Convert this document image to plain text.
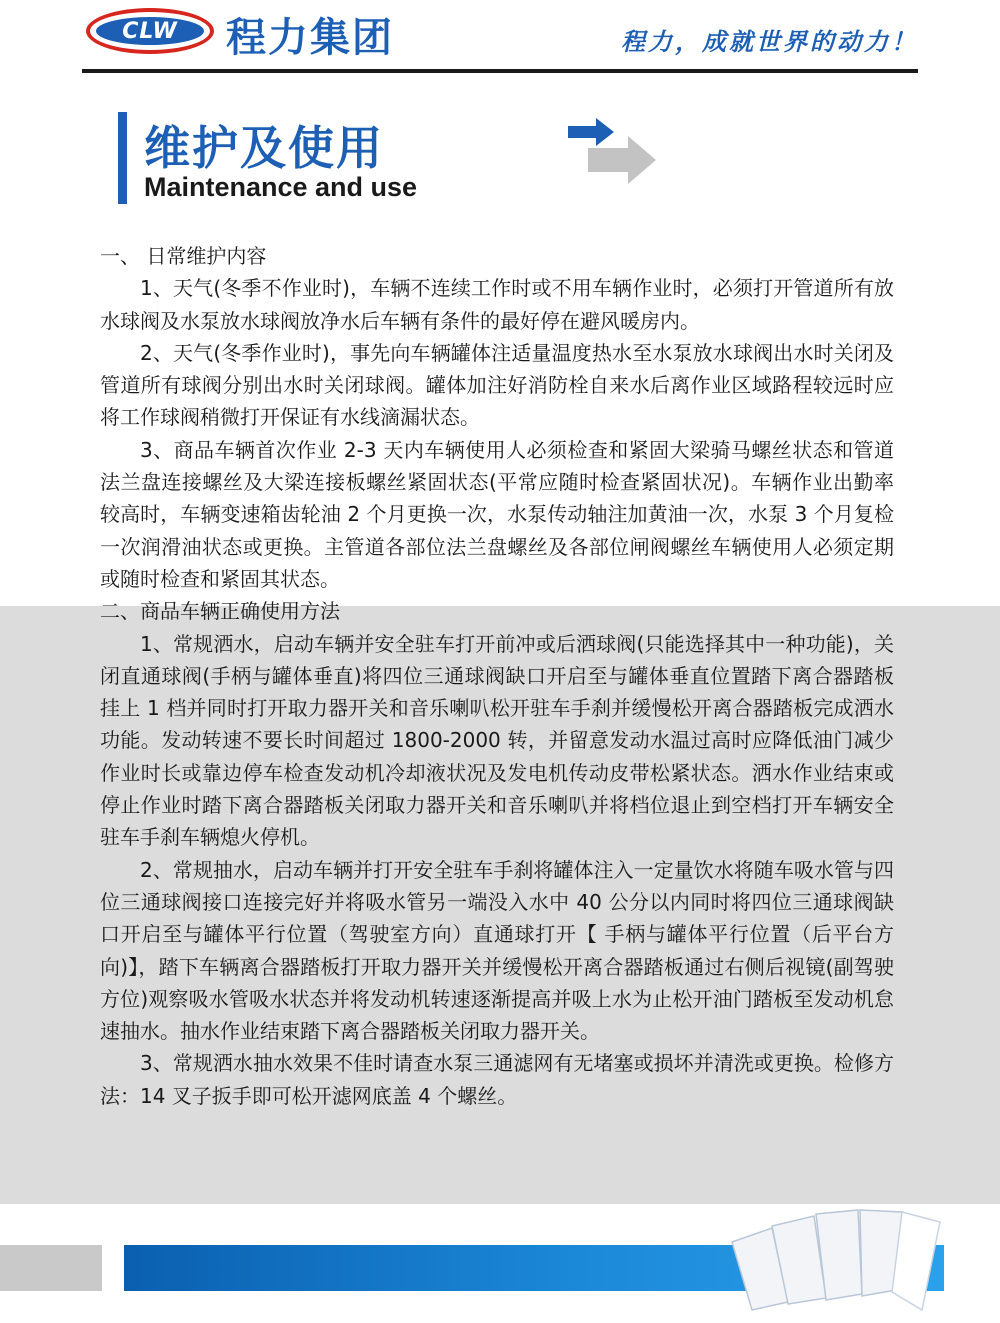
CLW 程力集团	程力，成就世界的动力！
维护及使用
Maintenance and use

一、 日常维护内容

1、天气(冬季不作业时)，车辆不连续工作时或不用车辆作业时，必须打开管道所有放水球阀及水泵放水球阀放净水后车辆有条件的最好停在避风暖房内。

2、天气(冬季作业时)，事先向车辆罐体注适量温度热水至水泵放水球阀出水时关闭及管道所有球阀分别出水时关闭球阀。罐体加注好消防栓自来水后离作业区域路程较远时应将工作球阀稍微打开保证有水线滴漏状态。

3、商品车辆首次作业 2-3 天内车辆使用人必须检查和紧固大梁骑马螺丝状态和管道法兰盘连接螺丝及大梁连接板螺丝紧固状态(平常应随时检查紧固状况)。车辆作业出勤率较高时，车辆变速箱齿轮油 2 个月更换一次，水泵传动轴注加黄油一次，水泵 3 个月复检一次润滑油状态或更换。主管道各部位法兰盘螺丝及各部位闸阀螺丝车辆使用人必须定期或随时检查和紧固其状态。

二、商品车辆正确使用方法

1、常规洒水，启动车辆并安全驻车打开前冲或后洒球阀(只能选择其中一种功能)，关闭直通球阀(手柄与罐体垂直)将四位三通球阀缺口开启至与罐体垂直位置踏下离合器踏板挂上 1 档并同时打开取力器开关和音乐喇叭松开驻车手刹并缓慢松开离合器踏板完成洒水功能。发动转速不要长时间超过 1800-2000 转，并留意发动水温过高时应降低油门减少作业时长或靠边停车检查发动机冷却液状况及发电机传动皮带松紧状态。洒水作业结束或停止作业时踏下离合器踏板关闭取力器开关和音乐喇叭并将档位退止到空档打开车辆安全驻车手刹车辆熄火停机。

2、常规抽水，启动车辆并打开安全驻车手刹将罐体注入一定量饮水将随车吸水管与四位三通球阀接口连接完好并将吸水管另一端没入水中 40 公分以内同时将四位三通球阀缺口开启至与罐体平行位置（驾驶室方向）直通球打开【 手柄与罐体平行位置（后平台方向)】，踏下车辆离合器踏板打开取力器开关并缓慢松开离合器踏板通过右侧后视镜(副驾驶方位)观察吸水管吸水状态并将发动机转速逐渐提高并吸上水为止松开油门踏板至发动机怠速抽水。抽水作业结束踏下离合器踏板关闭取力器开关。

3、常规洒水抽水效果不佳时请查水泵三通滤网有无堵塞或损坏并清洗或更换。检修方法：14 叉子扳手即可松开滤网底盖 4 个螺丝。
